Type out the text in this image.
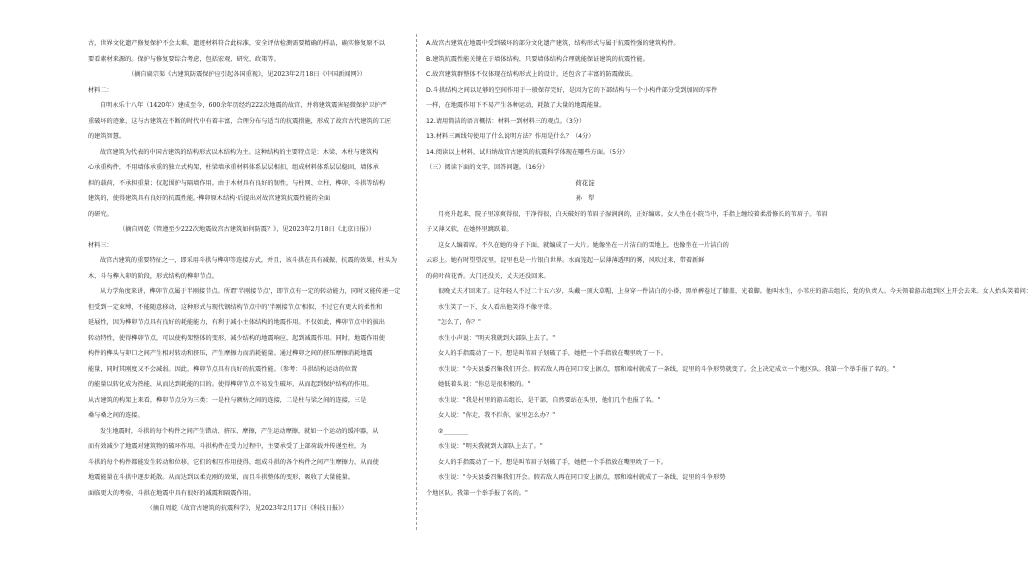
古，世界文化遗产修复保护不会太难，遗迹材料符合此标准，安全评估检测需要精确的样品，确实修复原不以
要看素材来源的。保护与修复要综合考虑，包括宏观、研究、政策等。
（摘自扁宗渠《古建筑防震保护应引起各国重视》，见2023年2月18日《中国新闻网》）
材料二：
自明永乐十八年（1420年）建成至今，600余年历经约222次地震的故宫，并将建筑震害轻微保护卫护严
重破坏的迹象，这与古建筑在不断的时代中有着丰富，合理分布与适当的抗震措施，形成了故宫古代建筑的工匠
的建筑智慧。
故宫建筑为代表的中国古建筑的结构形式以木结构为主。这种结构的主要特点是：木梁、木柱与建筑构
心承重构件，不用墙体承重的独立式构架，柱梁墙承重材料体系层层相扣，组成材料体系层层稳固，墙体承
担的载荷，不承担重量；仅起围护与隔墙作用。由于木材具有良好的韧性，与柱网、立柱、榫卯、斗拱等结构
建筑的，使得建筑具有良好的抗震性能。·榫卯原木结构·后提出对故宫建筑抗震性能的全面
的研究。
（摘自周乾《管遵至少222次地震故宫古建筑如何防震？》，见2023年2月18日《北京日报》）
材料三：
故宫古建筑的重要特征之一，即采用斗拱与榫卯等连接方式，并且，该斗拱在具有减振、抗震的效果，柱头为
木，斗与榫入卯的阶段，形式结构的榫卯节点。
从力学角度来讲，榫卯节点属于半刚接节点。所谓'半刚接节点'，即节点有一定的转动能力，同时又能传递一定
但受到一定束缚，不能随意移动，这种形式与现代钢结构节点中的'半刚接节点'相似，不过它有更大的柔性和
延展性，因为榫卯节点具有良好的耗能能力，有利于减小主体结构的地震作用。不仅如此，榫卯节点中的拔出
转动特性，使得榫卯节点，可以使构架整体的变形，减少结构的地震响应，起到减震作用。同时，地震作用使
构件的榫头与卯口之间产生相对转动和挤压，产生摩擦力而消耗能量。通过榫卯之间的挤压摩擦消耗地震
能量，同时其刚度又不会减弱。因此，榫卯节点具有良好的抗震性能。（参考：斗拱结构运动的位置
的能量以转化成为热能，从而达到耗能的目的。使得榫卯节点不易发生破坏，从而起到保护结构的作用。
从古建筑的构架上来看，榫卯节点分为三类：一是柱与额枋之间的连接，二是柱与梁之间的连接，三是
桑与桑之间的连接。
发生地震时，斗拱的每个构件之间产生错动、挤压、摩擦，产生运动摩擦，就如一个运动的缓冲器，从
而有效减少了地震对建筑物的破坏作用。斗拱构件在受力过程中，主要承受了上部荷载并传递至柱，为
斗拱的每个构件都能发生转动和位移，它们的相互作用使得，组成斗拱的各个构件之间产生摩擦力，从而使
地震能量在斗拱中逐步耗散。从而达到以柔克刚的效果，而且斗拱整体的变形，吸收了大量能量。
面临更大的考验，斗拱在地震中具有很好的减震和隔震作用。
（摘自周乾《故宫古建筑的抗震科学》，见2023年2月17日《科技日报》）
A.故宫古建筑在地震中受到破坏的部分文化遗产建筑，结构形式与属于抗震性强的建筑构件。
B.建筑抗震性能关键在于墙体结构，只要墙体结构合理就能保证建筑的抗震性能。
C.故宫建筑群整体不仅体现在结构形式上的设计，还包含了丰富的防震做法。
D.斗拱结构之间以足够的空间作用于一般保存完好，是因为它的下部结构与一个小构件部分受到加固的零件
一样，在地震作用下不易产生各种运动，耗散了大量的地震能量。
12.请用简洁的语言概括：材料一到材料三的观点。（3分）
13.材料三画线句使用了什么说明方法？作用是什么？（4分）
14.阅读以上材料，试归纳故宫古建筑的抗震科学体现在哪些方面。（5分）
（三）阅读下面的文字，回答问题。（16分）
荷花淀
孙　犁
月亮升起来，院子里凉爽得很，干净得很，白天破好的苇眉子湿润润的，正好编席。女人坐在小院当中，手指上缠绞着柔滑修长的苇眉子。苇眉
子又薄又软，在她怀里跳跃着。
这女人编着席。不久在她的身子下面，就编成了一大片。她像坐在一片洁白的雪地上，也像坐在一片洁白的
云彩上。她有时望望淀里，淀里也是一片银白世界。水面笼起一层薄薄透明的雾，风吹过来，带着新鲜
的荷叶荷花香。大门还没关，丈夫还没回来。
很晚丈夫才回来了。这年轻人不过二十五六岁，头戴一顶大草帽，上身穿一件洁白的小褂，黑单裤卷过了膝盖，光着脚。他叫水生，小苇庄的游击组长，党的负责人。今天领着游击组到区上开会去来。女人抬头笑着问：
水生笑了一下，女人看出他笑得不像平常。
"怎么了，你？"
水生小声说："明天我就到大部队上去了。"
女人的手指震动了一下，想是叫苇眉子划破了手，她把一个手指放在嘴里吮了一下。
水生说："今天县委召集我们开会。假若敌人再在同口安上据点，那和端村就成了一条线，淀里的斗争形势就变了。会上决定成立一个地区队。我第一个举手报了名的。"
她低着头说："你总是很积极的。"
水生说："我是村里的游击组长，是干部，自然要站在头里，他们几个也报了名。"
女人说："你走，我不拦你，家里怎么办？"
②________
水生说："明天我就到大部队上去了。"
女人的手指震动了一下，想是叫苇眉子划破了手，她把一个手指放在嘴里吮了一下。
水生说："今天县委召集我们开会。假若敌人再在同口安上据点，那和端村就成了一条线，淀里的斗争形势
个地区队。我第一个举手报了名的。"
